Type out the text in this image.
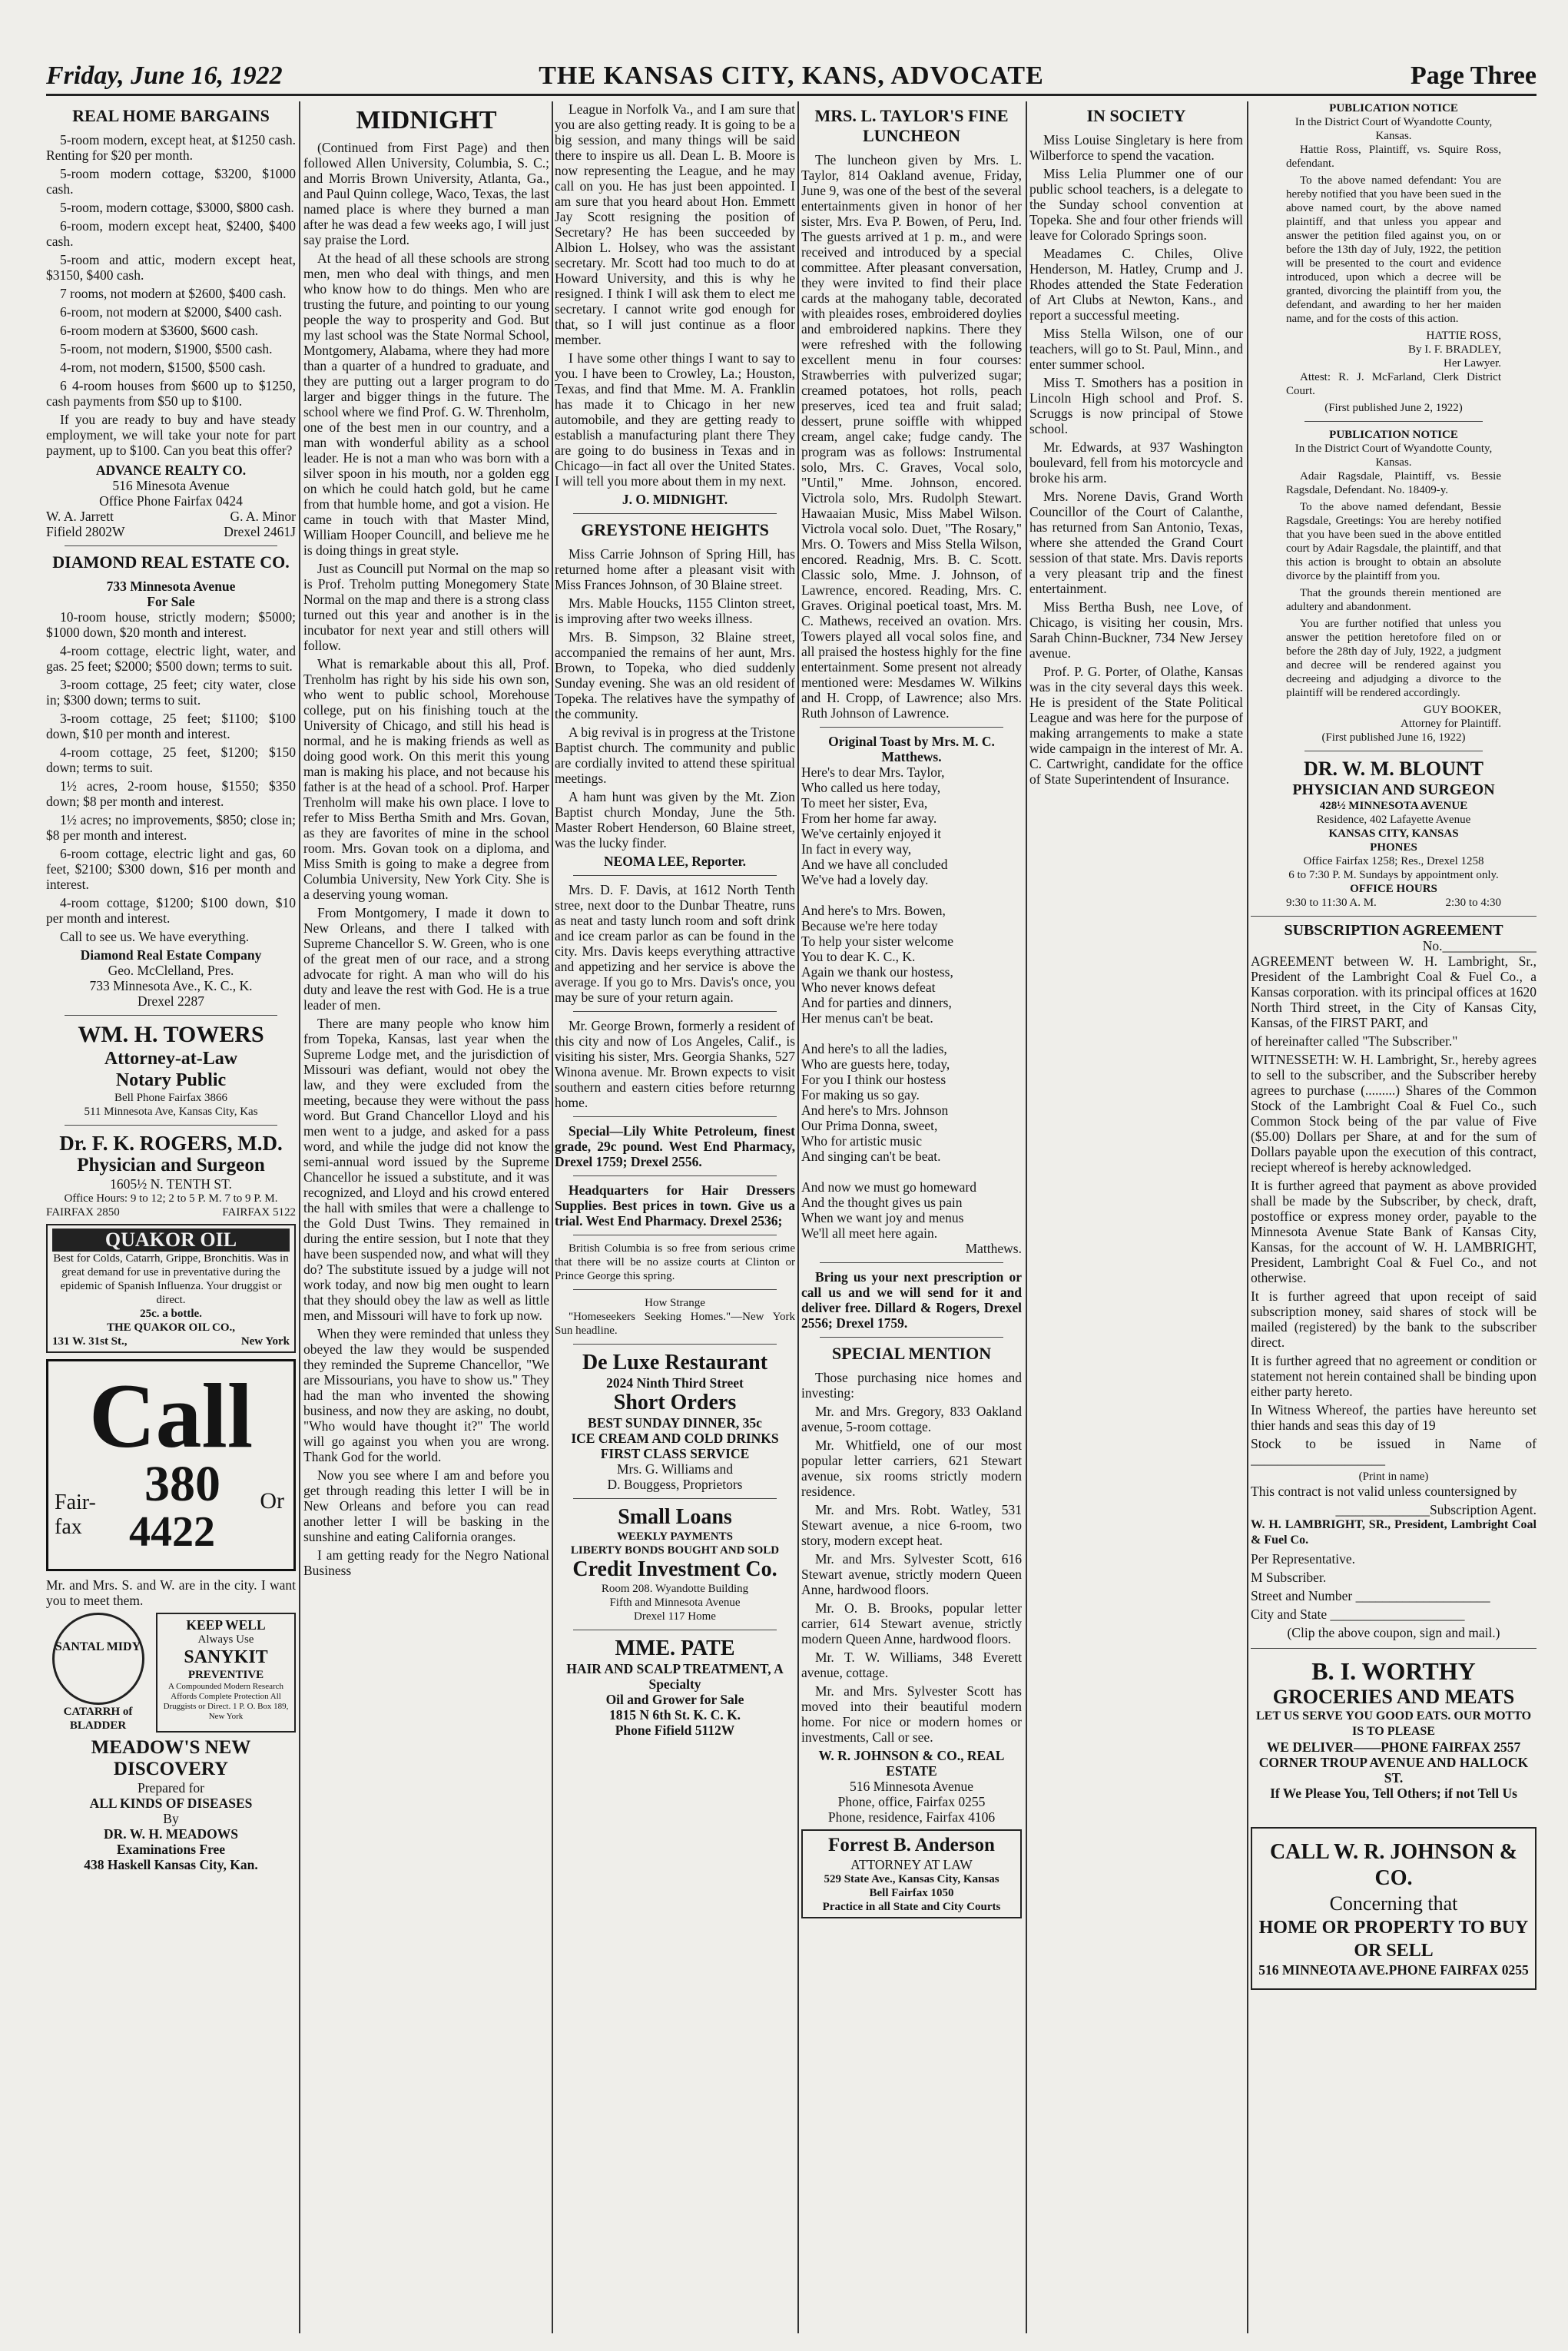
Friday, June 16, 1922	THE KANSAS CITY, KANS, ADVOCATE	Page Three
REAL HOME BARGAINS

5-room modern, except heat, at $1250 cash. Renting for $20 per month.

5-room modern cottage, $3200, $1000 cash.

5-room, modern cottage, $3000, $800 cash.

6-room, modern except heat, $2400, $400 cash.

5-room and attic, modern except heat, $3150, $400 cash.

7 rooms, not modern at $2600, $400 cash.

6-room, not modern at $2000, $400 cash.

6-room modern at $3600, $600 cash.

5-room, not modern, $1900, $500 cash.

4-rom, not modern, $1500, $500 cash.

6 4-room houses from $600 up to $1250, cash payments from $50 up to $100.

If you are ready to buy and have steady employment, we will take your note for part payment, up to $100. Can you beat this offer?

ADVANCE REALTY CO.
516 Minesota Avenue
Office Phone Fairfax 0424
W. A. Jarrett	G. A. Minor
Fifield 2802W	Drexel 2461J
DIAMOND REAL ESTATE CO.
733 Minnesota Avenue
For Sale

10-room house, strictly modern; $5000; $1000 down, $20 month and interest.

4-room cottage, electric light, water, and gas. 25 feet; $2000; $500 down; terms to suit.

3-room cottage, 25 feet; city water, close in; $300 down; terms to suit.

3-room cottage, 25 feet; $1100; $100 down, $10 per month and interest.

4-room cottage, 25 feet, $1200; $150 down; terms to suit.

1½ acres, 2-room house, $1550; $350 down; $8 per month and interest.

1½ acres; no improvements, $850; close in; $8 per month and interest.

6-room cottage, electric light and gas, 60 feet, $2100; $300 down, $16 per month and interest.

4-room cottage, $1200; $100 down, $10 per month and interest.

Call to see us. We have everything.

Diamond Real Estate Company
Geo. McClelland, Pres.
733 Minnesota Ave., K. C., K.
Drexel 2287
WM. H. TOWERS
Attorney-at-Law
Notary Public
Bell Phone Fairfax 3866
511 Minnesota Ave, Kansas City, Kas
Dr. F. K. ROGERS, M.D.
Physician and Surgeon
1605½ N. TENTH ST.
Office Hours: 9 to 12; 2 to 5 P. M. 7 to 9 P. M.
FAIRFAX 2850	FAIRFAX 5122
QUAKOR OIL
Best for Colds, Catarrh, Grippe, Bronchitis. Was in great demand for use in preventative during the epidemic of Spanish Influenza. Your druggist or direct.
25c. a bottle.
THE QUAKOR OIL CO.,
131 W. 31st St.,	New York
Call
Fair-
fax
380 Or
4422

Mr. and Mrs. S. and W. are in the city. I want you to meet them.

SANTAL MIDY
CATARRH of BLADDER
KEEP WELL
Always Use
SANYKIT
PREVENTIVE
A Compounded Modern Research Affords Complete Protection All Druggists or Direct. 1 P. O. Box 189, New York
MEADOW'S NEW DISCOVERY
Prepared for
ALL KINDS OF DISEASES
By
DR. W. H. MEADOWS
Examinations Free
438 Haskell Kansas City, Kan.
MIDNIGHT

(Continued from First Page) and then followed Allen University, Columbia, S. C.; and Morris Brown University, Atlanta, Ga., and Paul Quinn college, Waco, Texas, the last named place is where they burned a man after he was dead a few weeks ago, I will just say praise the Lord.

At the head of all these schools are strong men, men who deal with things, and men who know how to do things. Men who are trusting the future, and pointing to our young people the way to prosperity and God. But my last school was the State Normal School, Montgomery, Alabama, where they had more than a quarter of a hundred to graduate, and they are putting out a larger program to do larger and bigger things in the future. The school where we find Prof. G. W. Threnholm, one of the best men in our country, and a man with wonderful ability as a school leader. He is not a man who was born with a silver spoon in his mouth, nor a golden egg on which he could hatch gold, but he came from that humble home, and got a vision. He came in touch with that Master Mind, William Hooper Councill, and believe me he is doing things in great style.

Just as Councill put Normal on the map so is Prof. Treholm putting Monegomery State Normal on the map and there is a strong class turned out this year and another is in the incubator for next year and still others will follow.

What is remarkable about this all, Prof. Trenholm has right by his side his own son, who went to public school, Morehouse college, put on his finishing touch at the University of Chicago, and still his head is normal, and he is making friends as well as doing good work. On this merit this young man is making his place, and not because his father is at the head of a school. Prof. Harper Trenholm will make his own place. I love to refer to Miss Bertha Smith and Mrs. Govan, as they are favorites of mine in the school room. Mrs. Govan took on a diploma, and Miss Smith is going to make a degree from Columbia University, New York City. She is a deserving young woman.

From Montgomery, I made it down to New Orleans, and there I talked with Supreme Chancellor S. W. Green, who is one of the great men of our race, and a strong advocate for right. A man who will do his duty and leave the rest with God. He is a true leader of men.

There are many people who know him from Topeka, Kansas, last year when the Supreme Lodge met, and the jurisdiction of Missouri was defiant, would not obey the law, and they were excluded from the meeting, because they were without the pass word. But Grand Chancellor Lloyd and his men went to a judge, and asked for a pass word, and while the judge did not know the semi-annual word issued by the Supreme Chancellor he issued a substitute, and it was recognized, and Lloyd and his crowd entered the hall with smiles that were a challenge to the Gold Dust Twins. They remained in during the entire session, but I note that they have been suspended now, and what will they do? The substitute issued by a judge will not work today, and now big men ought to learn that they should obey the law as well as little men, and Missouri will have to fork up now.

When they were reminded that unless they obeyed the law they would be suspended they reminded the Supreme Chancellor, "We are Missourians, you have to show us." They had the man who invented the showing business, and now they are asking, no doubt, "Who would have thought it?" The world will go against you when you are wrong. Thank God for the world.

Now you see where I am and before you get through reading this letter I will be in New Orleans and before you can read another letter I will be basking in the sunshine and eating California oranges.

I am getting ready for the Negro National Business

League in Norfolk Va., and I am sure that you are also getting ready. It is going to be a big session, and many things will be said there to inspire us all. Dean L. B. Moore is now representing the League, and he may call on you. He has just been appointed. I am sure that you heard about Hon. Emmett Jay Scott resigning the position of Secretary? He has been succeeded by Albion L. Holsey, who was the assistant secretary. Mr. Scott had too much to do at Howard University, and this is why he resigned. I think I will ask them to elect me secretary. I cannot write god enough for that, so I will just continue as a floor member.

I have some other things I want to say to you. I have been to Crowley, La.; Houston, Texas, and find that Mme. M. A. Franklin has made it to Chicago in her new automobile, and they are getting ready to establish a manufacturing plant there They are going to do business in Texas and in Chicago—in fact all over the United States. I will tell you more about them in my next.

J. O. MIDNIGHT.
GREYSTONE HEIGHTS

Miss Carrie Johnson of Spring Hill, has returned home after a pleasant visit with Miss Frances Johnson, of 30 Blaine street.

Mrs. Mable Houcks, 1155 Clinton street, is improving after two weeks illness.

Mrs. B. Simpson, 32 Blaine street, accompanied the remains of her aunt, Mrs. Brown, to Topeka, who died suddenly Sunday evening. She was an old resident of Topeka. The relatives have the sympathy of the community.

A big revival is in progress at the Tristone Baptist church. The community and public are cordially invited to attend these spiritual meetings.

A ham hunt was given by the Mt. Zion Baptist church Monday, June the 5th. Master Robert Henderson, 60 Blaine street, was the lucky finder.

NEOMA LEE, Reporter.

Mrs. D. F. Davis, at 1612 North Tenth stree, next door to the Dunbar Theatre, runs as neat and tasty lunch room and soft drink and ice cream parlor as can be found in the city. Mrs. Davis keeps everything attractive and appetizing and her service is above the average. If you go to Mrs. Davis's once, you may be sure of your return again.

Mr. George Brown, formerly a resident of this city and now of Los Angeles, Calif., is visiting his sister, Mrs. Georgia Shanks, 527 Winona avenue. Mr. Brown expects to visit southern and eastern cities before returnng home.

Special—Lily White Petroleum, finest grade, 29c pound. West End Pharmacy, Drexel 1759; Drexel 2556.

Headquarters for Hair Dressers Supplies. Best prices in town. Give us a trial. West End Pharmacy. Drexel 2536;

British Columbia is so free from serious crime that there will be no assize courts at Clinton or Prince George this spring.

How Strange

"Homeseekers Seeking Homes."—New York Sun headline.

De Luxe Restaurant
2024 Ninth Third Street
Short Orders
BEST SUNDAY DINNER, 35c
ICE CREAM AND COLD DRINKS
FIRST CLASS SERVICE
Mrs. G. Williams and
D. Bouggess, Proprietors
Small Loans
WEEKLY PAYMENTS
LIBERTY BONDS BOUGHT AND SOLD
Credit Investment Co.
Room 208. Wyandotte Building
Fifth and Minnesota Avenue
Drexel 117 Home
MME. PATE
HAIR AND SCALP TREATMENT, A Specialty
Oil and Grower for Sale
1815 N 6th St. K. C. K.
Phone Fifield 5112W
MRS. L. TAYLOR'S FINE LUNCHEON

The luncheon given by Mrs. L. Taylor, 814 Oakland avenue, Friday, June 9, was one of the best of the several entertainments given in honor of her sister, Mrs. Eva P. Bowen, of Peru, Ind. The guests arrived at 1 p. m., and were received and introduced by a special committee. After pleasant conversation, they were invited to find their place cards at the mahogany table, decorated with pleaides roses, embroidered doylies and embroidered napkins. There they were refreshed with the following excellent menu in four courses: Strawberries with pulverized sugar; creamed potatoes, hot rolls, peach preserves, iced tea and fruit salad; dessert, prune soiffle with whipped cream, angel cake; fudge candy. The program was as follows: Instrumental solo, Mrs. C. Graves, Vocal solo, "Until," Mme. Johnson, encored. Victrola solo, Mrs. Rudolph Stewart. Hawaaian Music, Miss Mabel Wilson. Victrola vocal solo. Duet, "The Rosary," Mrs. O. Towers and Miss Stella Wilson, encored. Readnig, Mrs. B. C. Scott. Classic solo, Mme. J. Johnson, of Lawrence, encored. Reading, Mrs. C. Graves. Original poetical toast, Mrs. M. C. Mathews, received an ovation. Mrs. Towers played all vocal solos fine, and all praised the hostess highly for the fine entertainment. Some present not already mentioned were: Mesdames W. Wilkins and H. Cropp, of Lawrence; also Mrs. Ruth Johnson of Lawrence.

Original Toast by Mrs. M. C. Matthews.

Here's to dear Mrs. Taylor,

Who called us here today,

To meet her sister, Eva,

From her home far away.

We've certainly enjoyed it

In fact in every way,

And we have all concluded

We've had a lovely day.

And here's to Mrs. Bowen,

Because we're here today

To help your sister welcome

You to dear K. C., K.

Again we thank our hostess,

Who never knows defeat

And for parties and dinners,

Her menus can't be beat.

And here's to all the ladies,

Who are guests here, today,

For you I think our hostess

For making us so gay.

And here's to Mrs. Johnson

Our Prima Donna, sweet,

Who for artistic music

And singing can't be beat.

And now we must go homeward

And the thought gives us pain

When we want joy and menus

We'll all meet here again.

Matthews.

Bring us your next prescription or call us and we will send for it and deliver free. Dillard & Rogers, Drexel 2556; Drexel 1759.

SPECIAL MENTION

Those purchasing nice homes and investing:

Mr. and Mrs. Gregory, 833 Oakland avenue, 5-room cottage.

Mr. Whitfield, one of our most popular letter carriers, 621 Stewart avenue, six rooms strictly modern residence.

Mr. and Mrs. Robt. Watley, 531 Stewart avenue, a nice 6-room, two story, modern except heat.

Mr. and Mrs. Sylvester Scott, 616 Stewart avenue, strictly modern Queen Anne, hardwood floors.

Mr. O. B. Brooks, popular letter carrier, 614 Stewart avenue, strictly modern Queen Anne, hardwood floors.

Mr. T. W. Williams, 348 Everett avenue, cottage.

Mr. and Mrs. Sylvester Scott has moved into their beautiful modern home. For nice or modern homes or investments, Call or see.

W. R. JOHNSON & CO., REAL ESTATE
516 Minnesota Avenue
Phone, office, Fairfax 0255
Phone, residence, Fairfax 4106
Forrest B. Anderson
ATTORNEY AT LAW
529 State Ave., Kansas City, Kansas
Bell Fairfax 1050
Practice in all State and City Courts
IN SOCIETY

Miss Louise Singletary is here from Wilberforce to spend the vacation.

Miss Lelia Plummer one of our public school teachers, is a delegate to the Sunday school convention at Topeka. She and four other friends will leave for Colorado Springs soon.

Meadames C. Chiles, Olive Henderson, M. Hatley, Crump and J. Rhodes attended the State Federation of Art Clubs at Newton, Kans., and report a successful meeting.

Miss Stella Wilson, one of our teachers, will go to St. Paul, Minn., and enter summer school.

Miss T. Smothers has a position in Lincoln High school and Prof. S. Scruggs is now principal of Stowe school.

Mr. Edwards, at 937 Washington boulevard, fell from his motorcycle and broke his arm.

Mrs. Norene Davis, Grand Worth Councillor of the Court of Calanthe, has returned from San Antonio, Texas, where she attended the Grand Court session of that state. Mrs. Davis reports a very pleasant trip and the finest entertainment.

Miss Bertha Bush, nee Love, of Chicago, is visiting her cousin, Mrs. Sarah Chinn-Buckner, 734 New Jersey avenue.

Prof. P. G. Porter, of Olathe, Kansas was in the city several days this week. He is president of the State Political League and was here for the purpose of making arrangements to make a state wide campaign in the interest of Mr. A. C. Cartwright, candidate for the office of State Superintendent of Insurance.

PUBLICATION NOTICE
In the District Court of Wyandotte County, Kansas.

Hattie Ross, Plaintiff, vs. Squire Ross, defendant.

To the above named defendant: You are hereby notified that you have been sued in the above named court, by the above named plaintiff, and that unless you appear and answer the petition filed against you, on or before the 13th day of July, 1922, the petition will be presented to the court and evidence introduced, upon which a decree will be granted, divorcing the plaintiff from you, the defendant, and awarding to her her maiden name, and for the costs of this action.

HATTIE ROSS,
By I. F. BRADLEY,
Her Lawyer.

Attest: R. J. McFarland, Clerk District Court.

(First published June 2, 1922)
PUBLICATION NOTICE
In the District Court of Wyandotte County, Kansas.

Adair Ragsdale, Plaintiff, vs. Bessie Ragsdale, Defendant. No. 18409-y.

To the above named defendant, Bessie Ragsdale, Greetings: You are hereby notified that you have been sued in the above entitled court by Adair Ragsdale, the plaintiff, and that this action is brought to obtain an absolute divorce by the plaintiff from you.

That the grounds therein mentioned are adultery and abandonment.

You are further notified that unless you answer the petition heretofore filed on or before the 28th day of July, 1922, a judgment and decree will be rendered against you decreeing and adjudging a divorce to the plaintiff will be rendered accordingly.

GUY BOOKER,
Attorney for Plaintiff.
(First published June 16, 1922)
DR. W. M. BLOUNT
PHYSICIAN AND SURGEON
428½ MINNESOTA AVENUE
Residence, 402 Lafayette Avenue
KANSAS CITY, KANSAS
PHONES
Office Fairfax 1258; Res., Drexel 1258
6 to 7:30 P. M. Sundays by appointment only.
OFFICE HOURS
9:30 to 11:30 A. M.	2:30 to 4:30
SUBSCRIPTION AGREEMENT
No.______________

AGREEMENT between W. H. Lambright, Sr., President of the Lambright Coal & Fuel Co., a Kansas corporation. with its principal offices at 1620 North Third street, in the City of Kansas City, Kansas, of the FIRST PART, and

of hereinafter called "The Subscriber."

WITNESSETH: W. H. Lambright, Sr., hereby agrees to sell to the subscriber, and the Subscriber hereby agrees to purchase (.........) Shares of the Common Stock of the Lambright Coal & Fuel Co., such Common Stock being of the par value of Five ($5.00) Dollars per Share, at and for the sum of Dollars payable upon the execution of this contract, reciept whereof is hereby acknowledged.

It is further agreed that payment as above provided shall be made by the Subscriber, by check, draft, postoffice or express money order, payable to the Minnesota Avenue State Bank of Kansas City, Kansas, for the account of W. H. LAMBRIGHT, President, Lambright Coal & Fuel Co., and not otherwise.

It is further agreed that upon receipt of said subscription money, said shares of stock will be mailed (registered) by the bank to the subscriber direct.

It is further agreed that no agreement or condition or statement not herein contained shall be binding upon either party hereto.

In Witness Whereof, the parties have hereunto set thier hands and seas this day of 19

Stock to be issued in Name of ____________________

(Print in name)

This contract is not valid unless countersigned by

______________Subscription Agent.

W. H. LAMBRIGHT, SR., President, Lambright Coal & Fuel Co.

Per Representative.

M Subscriber.

Street and Number ____________________

City and State ____________________

(Clip the above coupon, sign and mail.)
B. I. WORTHY
GROCERIES AND MEATS
LET US SERVE YOU GOOD EATS. OUR MOTTO IS TO PLEASE
WE DELIVER——PHONE FAIRFAX 2557
CORNER TROUP AVENUE AND HALLOCK ST.
If We Please You, Tell Others; if not Tell Us
CALL W. R. JOHNSON & CO.
Concerning that
HOME OR PROPERTY TO BUY OR SELL
516 MINNEOTA AVE. PHONE FAIRFAX 0255
